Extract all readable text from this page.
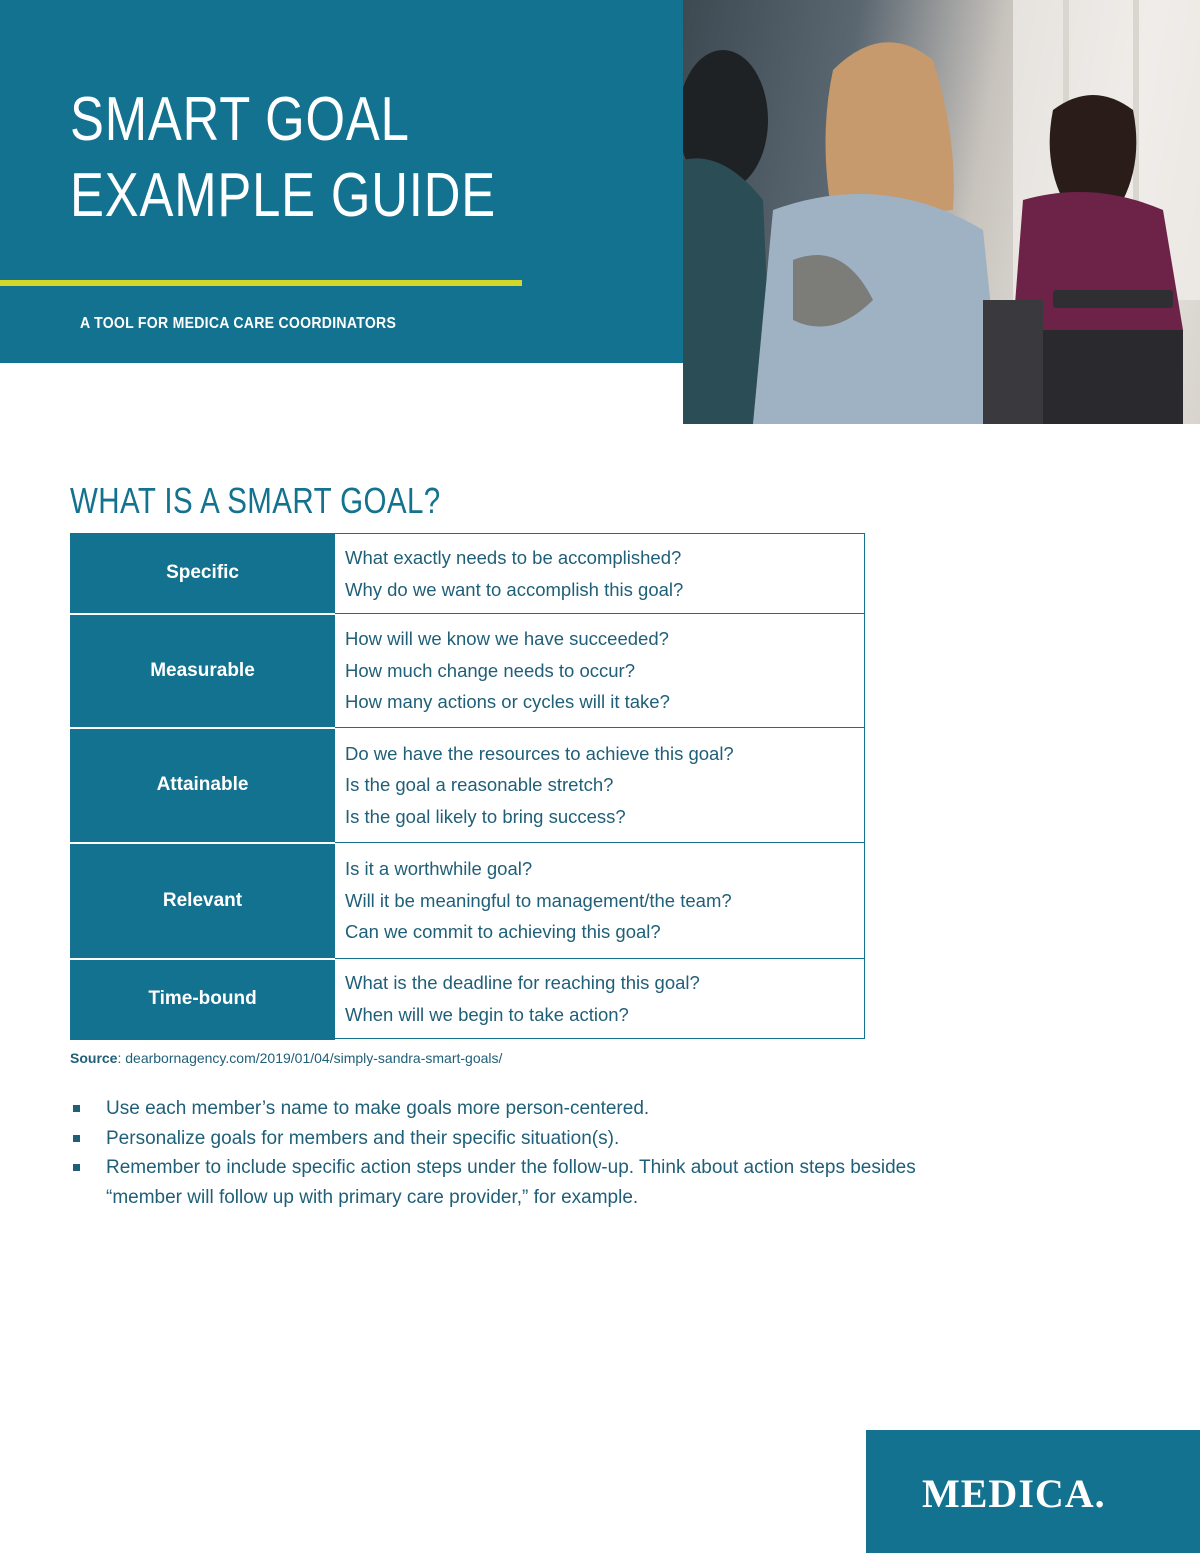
SMART GOAL
EXAMPLE GUIDE
A TOOL FOR MEDICA CARE COORDINATORS
WHAT IS A SMART GOAL?
Specific	What exactly needs to be accomplished?
Why do we want to accomplish this goal?

Measurable	How will we know we have succeeded?
How much change needs to occur?
How many actions or cycles will it take?

Attainable	Do we have the resources to achieve this goal?
Is the goal a reasonable stretch?
Is the goal likely to bring success?

Relevant	Is it a worthwhile goal?
Will it be meaningful to management/the team?
Can we commit to achieving this goal?

Time-bound	What is the deadline for reaching this goal?
When will we begin to take action?
Source: dearbornagency.com/2019/01/04/simply-sandra-smart-goals/
Use each member’s name to make goals more person-centered.
Personalize goals for members and their specific situation(s).
Remember to include specific action steps under the follow-up. Think about action steps besides “member will follow up with primary care provider,” for example.
MEDICA.
